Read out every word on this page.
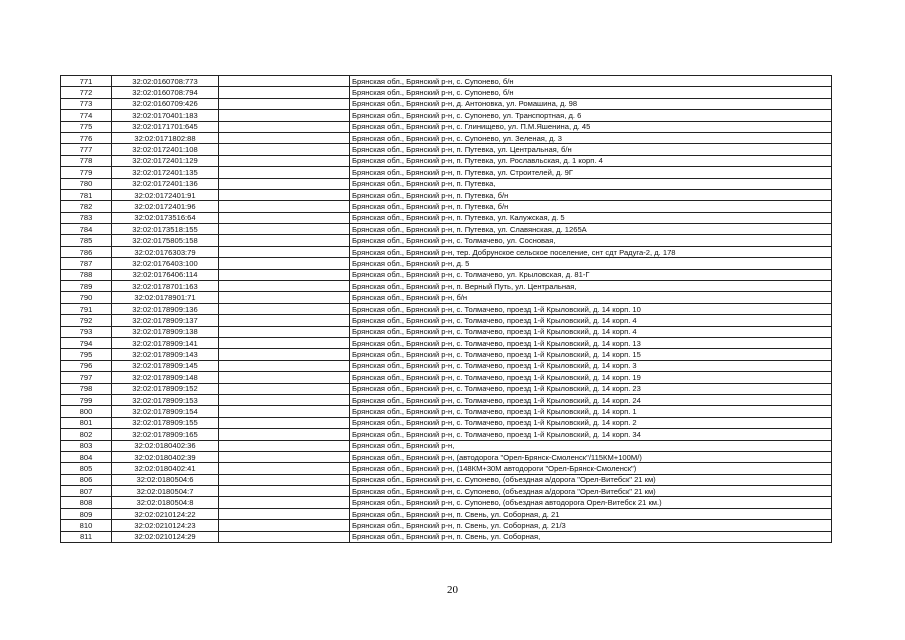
771	32:02:0160708:773		Брянская обл., Брянский р-н, с. Супонево, б/н
772	32:02:0160708:794		Брянская обл., Брянский р-н, с. Супонево, б/н
773	32:02:0160709:426		Брянская обл., Брянский р-н, д. Антоновка, ул. Ромашина, д. 98
774	32:02:0170401:183		Брянская обл., Брянский р-н, с. Супонево, ул. Транспортная, д. 6
775	32:02:0171701:645		Брянская обл., Брянский р-н, с. Глинищево, ул. П.М.Яшенина, д. 45
776	32:02:0171802:88		Брянская обл., Брянский р-н, с. Супонево, ул. Зеленая, д. 3
777	32:02:0172401:108		Брянская обл., Брянский р-н, п. Путевка, ул. Центральная, б/н
778	32:02:0172401:129		Брянская обл., Брянский р-н, п. Путевка, ул. Рославльская, д. 1 корп. 4
779	32:02:0172401:135		Брянская обл., Брянский р-н, п. Путевка, ул. Строителей, д. 9Г
780	32:02:0172401:136		Брянская обл., Брянский р-н, п. Путевка,
781	32:02:0172401:91		Брянская обл., Брянский р-н, п. Путевка, б/н
782	32:02:0172401:96		Брянская обл., Брянский р-н, п. Путевка, б/н
783	32:02:0173516:64		Брянская обл., Брянский р-н, п. Путевка, ул. Калужская, д. 5
784	32:02:0173518:155		Брянская обл., Брянский р-н, п. Путевка, ул. Славянская, д. 1265А
785	32:02:0175805:158		Брянская обл., Брянский р-н, с. Толмачево, ул. Сосновая,
786	32:02:0176303:79		Брянская обл., Брянский р-н, тер. Добрунское сельское поселение, снт сдт Радуга-2, д. 178
787	32:02:0176403:100		Брянская обл., Брянский р-н, д. 5
788	32:02:0176406:114		Брянская обл., Брянский р-н, с. Толмачево, ул. Крыловская, д. 81-Г
789	32:02:0178701:163		Брянская обл., Брянский р-н, п. Верный Путь, ул. Центральная,
790	32:02:0178901:71		Брянская обл., Брянский р-н, б/н
791	32:02:0178909:136		Брянская обл., Брянский р-н, с. Толмачево, проезд 1-й Крыловский, д. 14 корп. 10
792	32:02:0178909:137		Брянская обл., Брянский р-н, с. Толмачево, проезд 1-й Крыловский, д. 14 корп. 4
793	32:02:0178909:138		Брянская обл., Брянский р-н, с. Толмачево, проезд 1-й Крыловский, д. 14 корп. 4
794	32:02:0178909:141		Брянская обл., Брянский р-н, с. Толмачево, проезд 1-й Крыловский, д. 14 корп. 13
795	32:02:0178909:143		Брянская обл., Брянский р-н, с. Толмачево, проезд 1-й Крыловский, д. 14 корп. 15
796	32:02:0178909:145		Брянская обл., Брянский р-н, с. Толмачево, проезд 1-й Крыловский, д. 14 корп. 3
797	32:02:0178909:148		Брянская обл., Брянский р-н, с. Толмачево, проезд 1-й Крыловский, д. 14 корп. 19
798	32:02:0178909:152		Брянская обл., Брянский р-н, с. Толмачево, проезд 1-й Крыловский, д. 14 корп. 23
799	32:02:0178909:153		Брянская обл., Брянский р-н, с. Толмачево, проезд 1-й Крыловский, д. 14 корп. 24
800	32:02:0178909:154		Брянская обл., Брянский р-н, с. Толмачево, проезд 1-й Крыловский, д. 14 корп. 1
801	32:02:0178909:155		Брянская обл., Брянский р-н, с. Толмачево, проезд 1-й Крыловский, д. 14 корп. 2
802	32:02:0178909:165		Брянская обл., Брянский р-н, с. Толмачево, проезд 1-й Крыловский, д. 14 корп. 34
803	32:02:0180402:36		Брянская обл., Брянский р-н,
804	32:02:0180402:39		Брянская обл., Брянский р-н, (автодорога "Орел-Брянск-Смоленск"/115КМ+100М/)
805	32:02:0180402:41		Брянская обл., Брянский р-н, (148КМ+30М автодороги "Орел-Брянск-Смоленск")
806	32:02:0180504:6		Брянская обл., Брянский р-н, с. Супонево, (объездная а/дорога "Орел-Витебск" 21 км)
807	32:02:0180504:7		Брянская обл., Брянский р-н, с. Супонево, (объездная а/дорога "Орел-Витебск" 21 км)
808	32:02:0180504:8		Брянская обл., Брянский р-н, с. Супонево, (объездная автодорога Орел-Витебск 21 км.)
809	32:02:0210124:22		Брянская обл., Брянский р-н, п. Свень, ул. Соборная, д. 21
810	32:02:0210124:23		Брянская обл., Брянский р-н, п. Свень, ул. Соборная, д. 21/3
811	32:02:0210124:29		Брянская обл., Брянский р-н, п. Свень, ул. Соборная,
20
